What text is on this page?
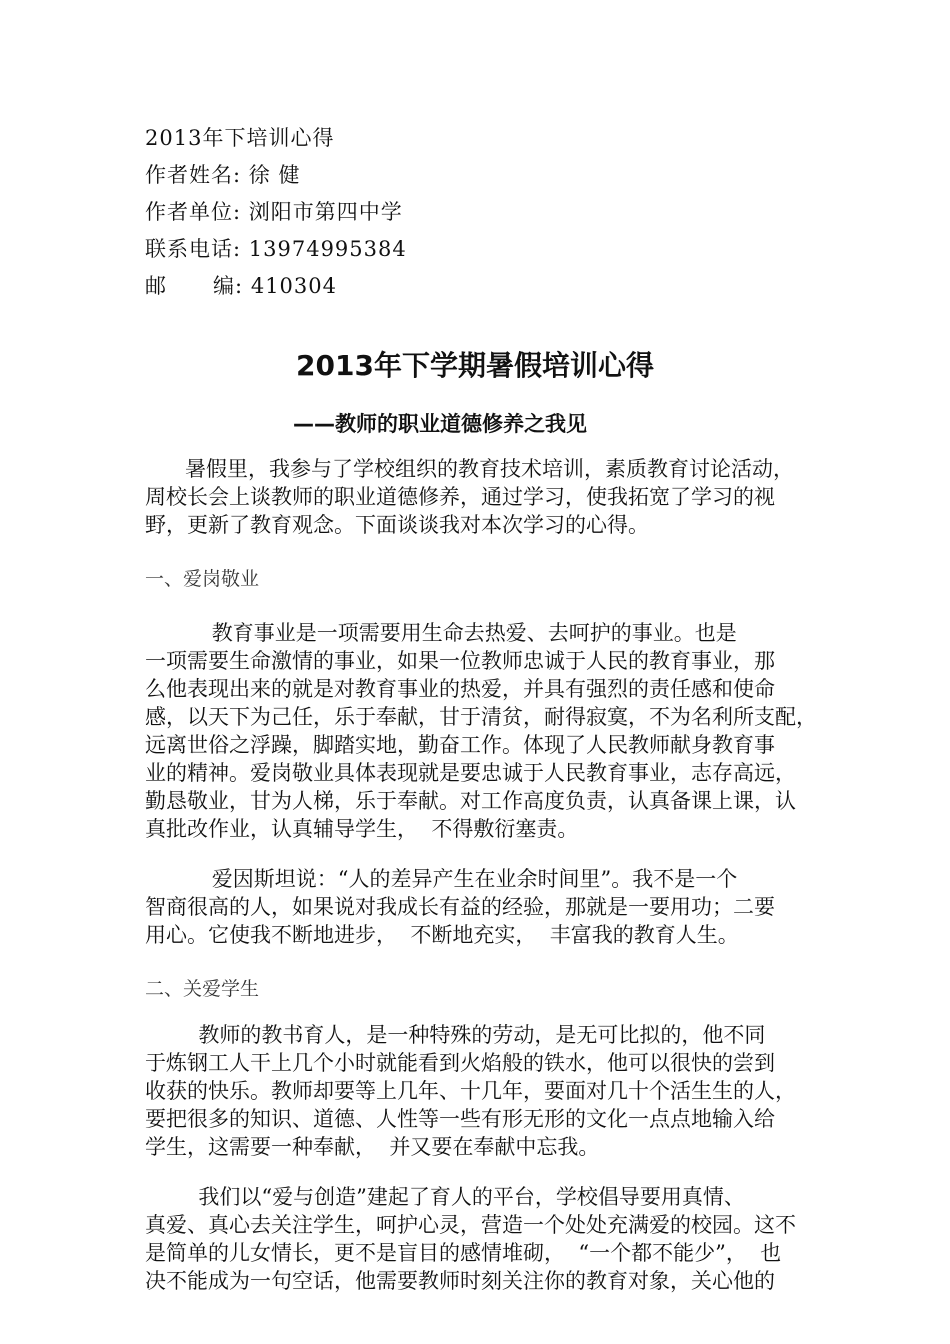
2013年下培训心得
作者姓名: 徐 健
作者单位: 浏阳市第四中学
联系电话: 13974995384
邮      编: 410304
2013年下学期暑假培训心得
——教师的职业道德修养之我见
暑假里，我参与了学校组织的教育技术培训，素质教育讨论活动，
周校长会上谈教师的职业道德修养，通过学习，使我拓宽了学习的视
野，更新了教育观念。下面谈谈我对本次学习的心得。
一、爱岗敬业
教育事业是一项需要用生命去热爱、去呵护的事业。也是
一项需要生命激情的事业，如果一位教师忠诚于人民的教育事业，那
么他表现出来的就是对教育事业的热爱，并具有强烈的责任感和使命
感，以天下为己任，乐于奉献，甘于清贫，耐得寂寞，不为名利所支配，
远离世俗之浮躁，脚踏实地，勤奋工作。体现了人民教师献身教育事
业的精神。爱岗敬业具体表现就是要忠诚于人民教育事业，志存高远，
勤恳敬业，甘为人梯，乐于奉献。对工作高度负责，认真备课上课，认
真批改作业，认真辅导学生，  不得敷衍塞责。
爱因斯坦说：“人的差异产生在业余时间里”。我不是一个
智商很高的人，如果说对我成长有益的经验，那就是一要用功；二要
用心。它使我不断地进步，  不断地充实，  丰富我的教育人生。
二、关爱学生
教师的教书育人，是一种特殊的劳动，是无可比拟的，他不同
于炼钢工人干上几个小时就能看到火焰般的铁水，他可以很快的尝到
收获的快乐。教师却要等上几年、十几年，要面对几十个活生生的人，
要把很多的知识、道德、人性等一些有形无形的文化一点点地输入给
学生，这需要一种奉献，  并又要在奉献中忘我。
我们以“爱与创造”建起了育人的平台，学校倡导要用真情、
真爱、真心去关注学生，呵护心灵，营造一个处处充满爱的校园。这不
是简单的儿女情长，更不是盲目的感情堆砌，  “一个都不能少”，  也
决不能成为一句空话，他需要教师时刻关注你的教育对象，关心他的
